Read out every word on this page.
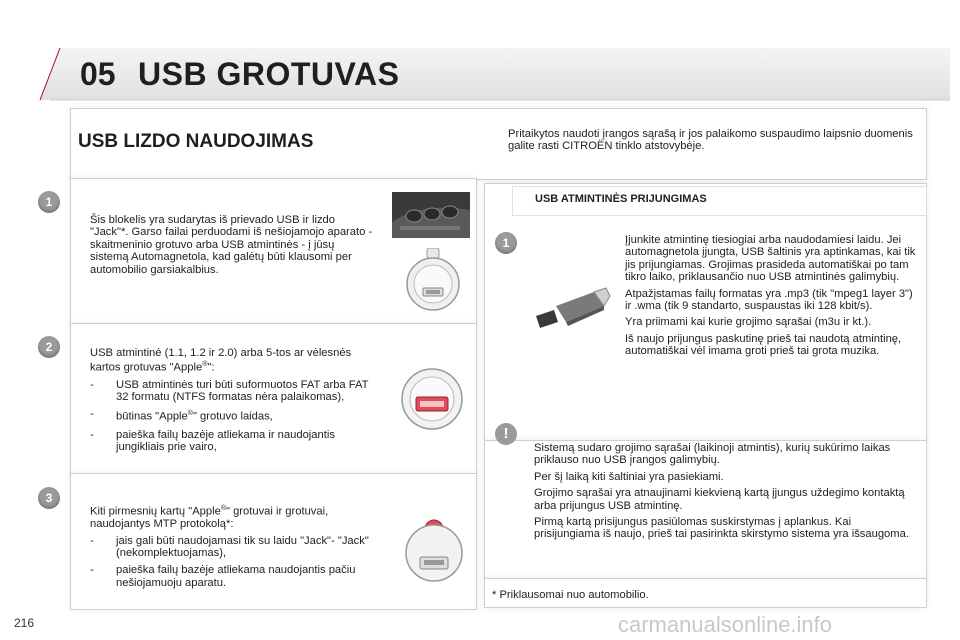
05 USB GROTUVAS
USB LIZDO NAUDOJIMAS	Pritaikytos naudoti įrangos sąrašą ir jos palaikomo suspaudimo laipsnio duomenis galite rasti CITROËN tinklo atstovybėje.
1
2
3
Šis blokelis yra sudarytas iš prievado USB ir lizdo "Jack"*. Garso failai perduodami iš nešiojamojo aparato - skaitmeninio grotuvo arba USB atmintinės - į jūsų sistemą Automagnetola, kad galėtų būti klausomi per automobilio garsiakalbius.
USB atmintinė (1.1, 1.2 ir 2.0) arba 5-tos ar vėlesnės kartos grotuvas "Apple®":
- USB atmintinės turi būti suformuotos FAT arba FAT 32 formatu (NTFS formatas nėra palaikomas),
- būtinas "Apple®" grotuvo laidas,
- paieška failų bazėje atliekama ir naudojantis jungikliais prie vairo,
Kiti pirmesnių kartų "Apple®" grotuvai ir grotuvai, naudojantys MTP protokolą*:
- jais gali būti naudojamasi tik su laidu "Jack"- "Jack" (nekomplektuojamas),
- paieška failų bazėje atliekama naudojantis pačiu nešiojamuoju aparatu.
USB ATMINTINĖS PRIJUNGIMAS
1	Įjunkite atmintinę tiesiogiai arba naudodamiesi laidu. Jei automagnetola įjungta, USB šaltinis yra aptinkamas, kai tik jis prijungiamas. Grojimas prasideda automatiškai po tam tikro laiko, priklausančio nuo USB atmintinės galimybių.

Atpažįstamas failų formatas yra .mp3 (tik "mpeg1 layer 3") ir .wma (tik 9 standarto, suspaustas iki 128 kbit/s).

Yra priimami kai kurie grojimo sąrašai (m3u ir kt.).

Iš naujo prijungus paskutinę prieš tai naudotą atmintinę, automatiškai vėl imama groti prieš tai grota muzika.

!

Sistemą sudaro grojimo sąrašai (laikinoji atmintis), kurių sukūrimo laikas priklauso nuo USB įrangos galimybių.

Per šį laiką kiti šaltiniai yra pasiekiami.

Grojimo sąrašai yra atnaujinami kiekvieną kartą įjungus uždegimo kontaktą arba prijungus USB atmintinę.

Pirmą kartą prisijungus pasiūlomas suskirstymas į aplankus. Kai prisijungiama iš naujo, prieš tai pasirinkta skirstymo sistema yra išsaugoma.

* Priklausomai nuo automobilio.
216	carmanualsonline.info
